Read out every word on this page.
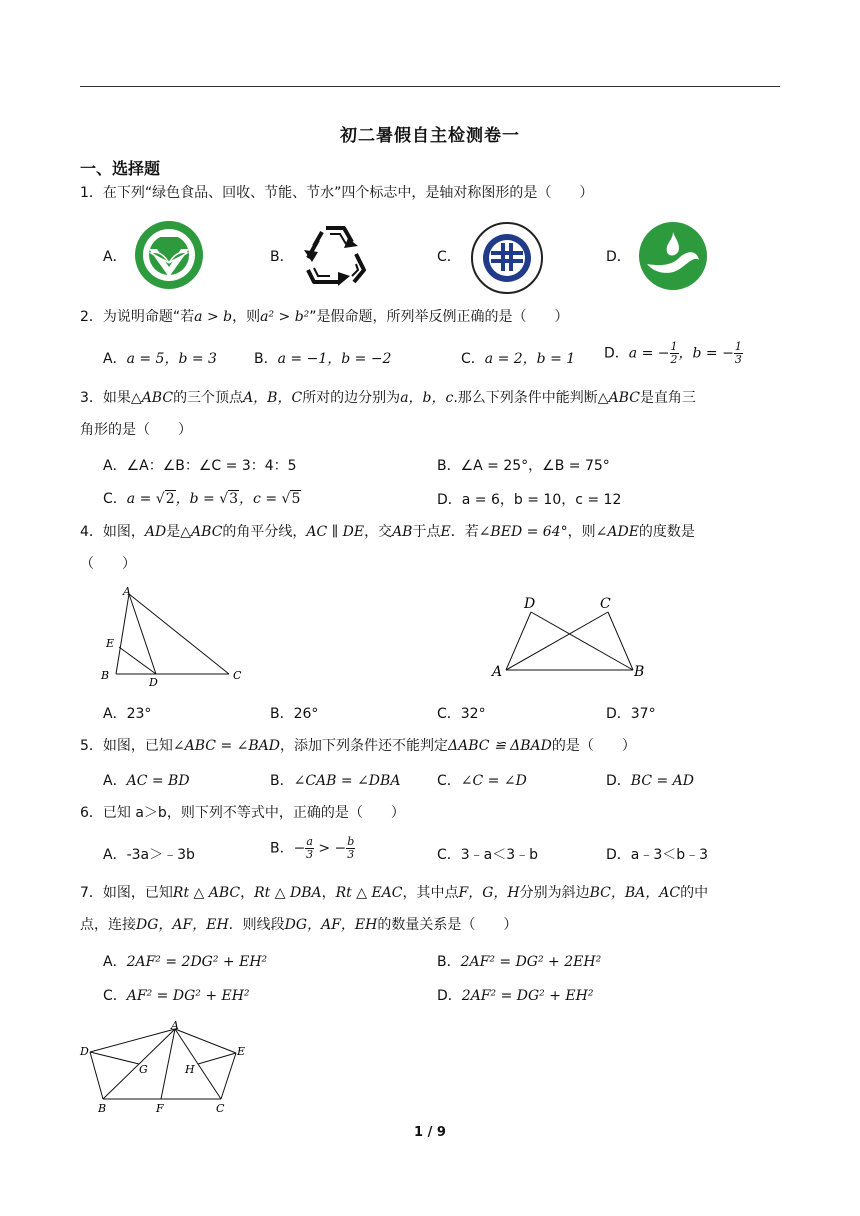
初二暑假自主检测卷一
一、选择题
1．在下列“绿色食品、回收、节能、节水”四个标志中，是轴对称图形的是（　　）
A．	B．	C．	D．
2．为说明命题“若a > b，则a² > b²”是假命题，所列举反例正确的是（　　）
A．a = 5，b = 3	B．a = −1，b = −2	C．a = 2，b = 1 D．a = − $\frac{1}{2}$ ，b = − $\frac{1}{3}$
3．如果△ABC的三个顶点A，B，C所对的边分别为a，b，c.那么下列条件中能判断△ABC是直角三
角形的是（　　）
A．∠A：∠B：∠C = 3：4：5	B．∠A = 25°，∠B = 75°
C．a = √2，b = √3，c = √5	D．a = 6，b = 10，c = 12
4．如图，AD是△ABC的角平分线，AC ∥ DE，交AB于点E．若∠BED = 64°，则∠ADE的度数是
（　　）
A
E
B
D
C
D	C
A	B
A．23°	B．26°	C．32°	D．37°
5．如图，已知∠ABC = ∠BAD，添加下列条件还不能判定ΔABC ≌ ΔBAD的是（　　）
A．AC = BD	B．∠CAB = ∠DBA	C．∠C = ∠D	D．BC = AD
6．已知 a＞b，则下列不等式中，正确的是（　　）
A．-3a＞﹣3b	B．− $\frac{a}{3}$ > − $\frac{b}{3}$	C．3﹣a＜3﹣b	D．a﹣3＜b﹣3
7．如图，已知Rt △ ABC，Rt △ DBA，Rt △ EAC，其中点F，G，H分别为斜边BC，BA，AC的中
点，连接DG，AF，EH．则线段DG，AF，EH的数量关系是（　　）
A．2AF² = 2DG² + EH²	B．2AF² = DG² + 2EH²
C．AF² = DG² + EH²	D．2AF² = DG² + EH²
A
D	E
G	H
B	F	C
1 / 9
